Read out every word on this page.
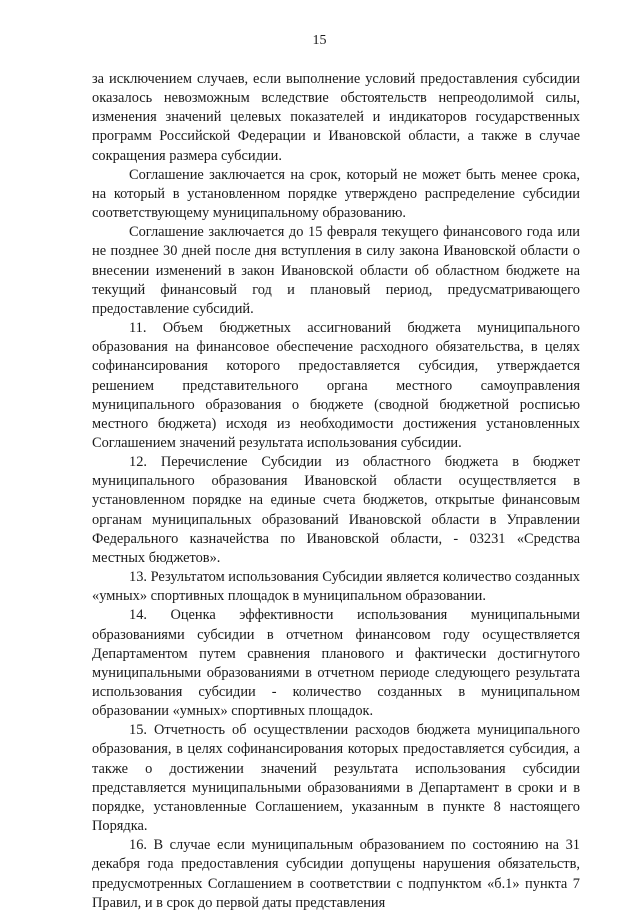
15

за исключением случаев, если выполнение условий предоставления субсидии оказалось невозможным вследствие обстоятельств непреодолимой силы, изменения значений целевых показателей и индикаторов государственных программ Российской Федерации и Ивановской области, а также в случае сокращения размера субсидии.

Соглашение заключается на срок, который не может быть менее срока, на который в установленном порядке утверждено распределение субсидии соответствующему муниципальному образованию.

Соглашение заключается до 15 февраля текущего финансового года или не позднее 30 дней после дня вступления в силу закона Ивановской области о внесении изменений в закон Ивановской области об областном бюджете на текущий финансовый год и плановый период, предусматривающего предоставление субсидий.

11. Объем бюджетных ассигнований бюджета муниципального образования на финансовое обеспечение расходного обязательства, в целях софинансирования которого предоставляется субсидия, утверждается решением представительного органа местного самоуправления муниципального образования о бюджете (сводной бюджетной росписью местного бюджета) исходя из необходимости достижения установленных Соглашением значений результата использования субсидии.

12. Перечисление Субсидии из областного бюджета в бюджет муниципального образования Ивановской области осуществляется в установленном порядке на единые счета бюджетов, открытые финансовым органам муниципальных образований Ивановской области в Управлении Федерального казначейства по Ивановской области, - 03231 «Средства местных бюджетов».

13. Результатом использования Субсидии является количество созданных «умных» спортивных площадок в муниципальном образовании.

14. Оценка эффективности использования муниципальными образованиями субсидии в отчетном финансовом году осуществляется Департаментом путем сравнения планового и фактически достигнутого муниципальными образованиями в отчетном периоде следующего результата использования субсидии - количество созданных в муниципальном образовании «умных» спортивных площадок.

15. Отчетность об осуществлении расходов бюджета муниципального образования, в целях софинансирования которых предоставляется субсидия, а также о достижении значений результата использования субсидии представляется муниципальными образованиями в Департамент в сроки и в порядке, установленные Соглашением, указанным в пункте 8 настоящего Порядка.

16. В случае если муниципальным образованием по состоянию на 31 декабря года предоставления субсидии допущены нарушения обязательств, предусмотренных Соглашением в соответствии с подпунктом «б.1» пункта 7 Правил, и в срок до первой даты представления
